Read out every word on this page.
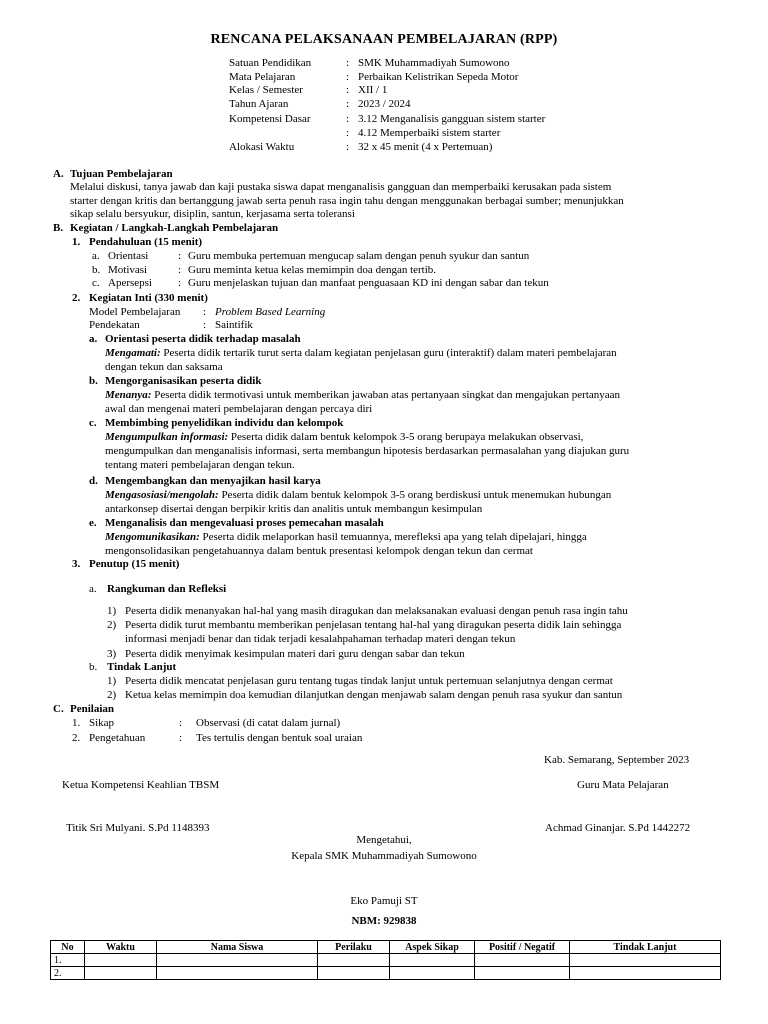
RENCANA PELAKSANAAN PEMBELAJARAN (RPP)
Satuan Pendidikan	: SMK Muhammadiyah Sumowono
Mata Pelajaran	: Perbaikan Kelistrikan Sepeda Motor
Kelas / Semester	: XII / 1
Tahun Ajaran	: 2023 / 2024
Kompetensi Dasar	: 3.12 Menganalisis gangguan sistem starter
: 4.12 Memperbaiki sistem starter
Alokasi Waktu	: 32 x 45 menit (4 x Pertemuan)
A. Tujuan Pembelajaran
Melalui diskusi, tanya jawab dan kaji pustaka siswa dapat menganalisis gangguan dan memperbaiki kerusakan pada sistem
starter dengan kritis dan bertanggung jawab serta penuh rasa ingin tahu dengan menggunakan berbagai sumber; menunjukkan
sikap selalu bersyukur, disiplin, santun, kerjasama serta toleransi
B. Kegiatan / Langkah-Langkah Pembelajaran
1. Pendahuluan (15 menit)
a. Orientasi	: Guru membuka pertemuan mengucap salam dengan penuh syukur dan santun
b. Motivasi	: Guru meminta ketua kelas memimpin doa dengan tertib.
c. Apersepsi : Guru menjelaskan tujuan dan manfaat penguasaan KD ini dengan sabar dan tekun
2. Kegiatan Inti (330 menit)
Model Pembelajaran : Problem Based Learning
Pendekatan	: Saintifik
a. Orientasi peserta didik terhadap masalah
Mengamati: Peserta didik tertarik turut serta dalam kegiatan penjelasan guru (interaktif) dalam materi pembelajaran
dengan tekun dan saksama
b. Mengorganisasikan peserta didik
Menanya: Peserta didik termotivasi untuk memberikan jawaban atas pertanyaan singkat dan mengajukan pertanyaan
awal dan mengenai materi pembelajaran dengan percaya diri
c. Membimbing penyelidikan individu dan kelompok
Mengumpulkan informasi: Peserta didik dalam bentuk kelompok 3-5 orang berupaya melakukan observasi,
mengumpulkan dan menganalisis informasi, serta membangun hipotesis berdasarkan permasalahan yang diajukan guru
tentang materi pembelajaran dengan tekun.
d. Mengembangkan dan menyajikan hasil karya
Mengasosiasi/mengolah: Peserta didik dalam bentuk kelompok 3-5 orang berdiskusi untuk menemukan hubungan
antarkonsep disertai dengan berpikir kritis dan analitis untuk membangun kesimpulan
e. Menganalisis dan mengevaluasi proses pemecahan masalah
Mengomunikasikan: Peserta didik melaporkan hasil temuannya, merefleksi apa yang telah dipelajari, hingga
mengonsolidasikan pengetahuannya dalam bentuk presentasi kelompok dengan tekun dan cermat
3. Penutup (15 menit)
a. Rangkuman dan Refleksi
1) Peserta didik menanyakan hal-hal yang masih diragukan dan melaksanakan evaluasi dengan penuh rasa ingin tahu
2) Peserta didik turut membantu memberikan penjelasan tentang hal-hal yang diragukan peserta didik lain sehingga
informasi menjadi benar dan tidak terjadi kesalahpahaman terhadap materi dengan tekun
3) Peserta didik menyimak kesimpulan materi dari guru dengan sabar dan tekun
b. Tindak Lanjut
1) Peserta didik mencatat penjelasan guru tentang tugas tindak lanjut untuk pertemuan selanjutnya dengan cermat
2) Ketua kelas memimpin doa kemudian dilanjutkan dengan menjawab salam dengan penuh rasa syukur dan santun
C. Penilaian
1. Sikap	: Observasi (di catat dalam jurnal)
2. Pengetahuan	: Tes tertulis dengan bentuk soal uraian
Kab. Semarang, September 2023
Ketua Kompetensi Keahlian TBSM	Guru Mata Pelajaran
Titik Sri Mulyani. S.Pd 1148393	Achmad Ginanjar. S.Pd 1442272
Mengetahui,
Kepala SMK Muhammadiyah Sumowono
Eko Pamuji ST
NBM: 929838
No	Waktu	Nama Siswa	Perilaku	Aspek Sikap	Positif / Negatif	Tindak Lanjut
1.						
2.						
